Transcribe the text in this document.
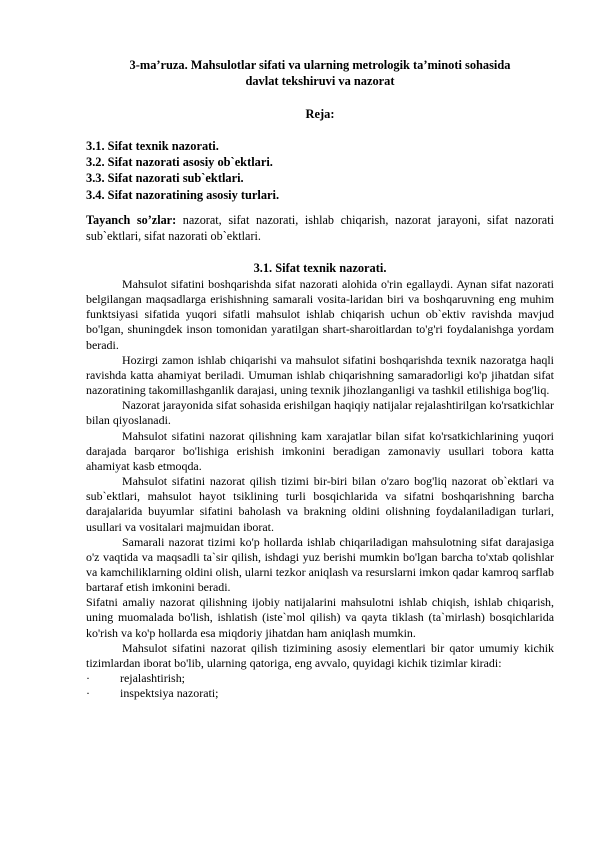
3-ma’ruza. Mahsulotlar sifati va ularning metrologik ta’minoti sohasida
davlat tekshiruvi va nazorat
Reja:
3.1. Sifat texnik nazorati.
3.2. Sifat nazorati asosiy ob`ektlari.
3.3. Sifat nazorati sub`ektlari.
3.4. Sifat nazoratining asosiy turlari.
Tayanch so’zlar: nazorat, sifat nazorati, ishlab chiqarish, nazorat jarayoni, sifat nazorati sub`ektlari, sifat nazorati ob`ektlari.
3.1. Sifat texnik nazorati.

Mahsulot sifatini boshqarishda sifat nazorati alohida o'rin egallaydi. Aynan sifat nazorati belgilangan maqsadlarga erishishning samarali vosita-laridan biri va boshqaruvning eng muhim funktsiyasi sifatida yuqori sifatli mahsulot ishlab chiqarish uchun ob`ektiv ravishda mavjud bo'lgan, shuningdek inson tomonidan yaratilgan shart-sharoitlardan to'g'ri foydalanishga yordam beradi.

Hozirgi zamon ishlab chiqarishi va mahsulot sifatini boshqarishda texnik nazoratga haqli ravishda katta ahamiyat beriladi. Umuman ishlab chiqarishning samaradorligi ko'p jihatdan sifat nazoratining takomillashganlik darajasi, uning texnik jihozlanganligi va tashkil etilishiga bog'liq.

Nazorat jarayonida sifat sohasida erishilgan haqiqiy natijalar rejalashtirilgan ko'rsatkichlar bilan qiyoslanadi.

Mahsulot sifatini nazorat qilishning kam xarajatlar bilan sifat ko'rsatkichlarining yuqori darajada barqaror bo'lishiga erishish imkonini beradigan zamonaviy usullari tobora katta ahamiyat kasb etmoqda.

Mahsulot sifatini nazorat qilish tizimi bir-biri bilan o'zaro bog'liq nazorat ob`ektlari va sub`ektlari, mahsulot hayot tsiklining turli bosqichlarida va sifatni boshqarishning barcha darajalarida buyumlar sifatini baholash va brakning oldini olishning foydalaniladigan turlari, usullari va vositalari majmuidan iborat.

Samarali nazorat tizimi ko'p hollarda ishlab chiqariladigan mahsulotning sifat darajasiga o'z vaqtida va maqsadli ta`sir qilish, ishdagi yuz berishi mumkin bo'lgan barcha to'xtab qolishlar va kamchiliklarning oldini olish, ularni tezkor aniqlash va resurslarni imkon qadar kamroq sarflab bartaraf etish imkonini beradi.

Sifatni amaliy nazorat qilishning ijobiy natijalarini mahsulotni ishlab chiqish, ishlab chiqarish, uning muomalada bo'lish, ishlatish (iste`mol qilish) va qayta tiklash (ta`mirlash) bosqichlarida ko'rish va ko'p hollarda esa miqdoriy jihatdan ham aniqlash mumkin.

Mahsulot sifatini nazorat qilish tizimining asosiy elementlari bir qator umumiy kichik tizimlardan iborat bo'lib, ularning qatoriga, eng avvalo, quyidagi kichik tizimlar kiradi:

·	rejalashtirish;
·	inspektsiya nazorati;
